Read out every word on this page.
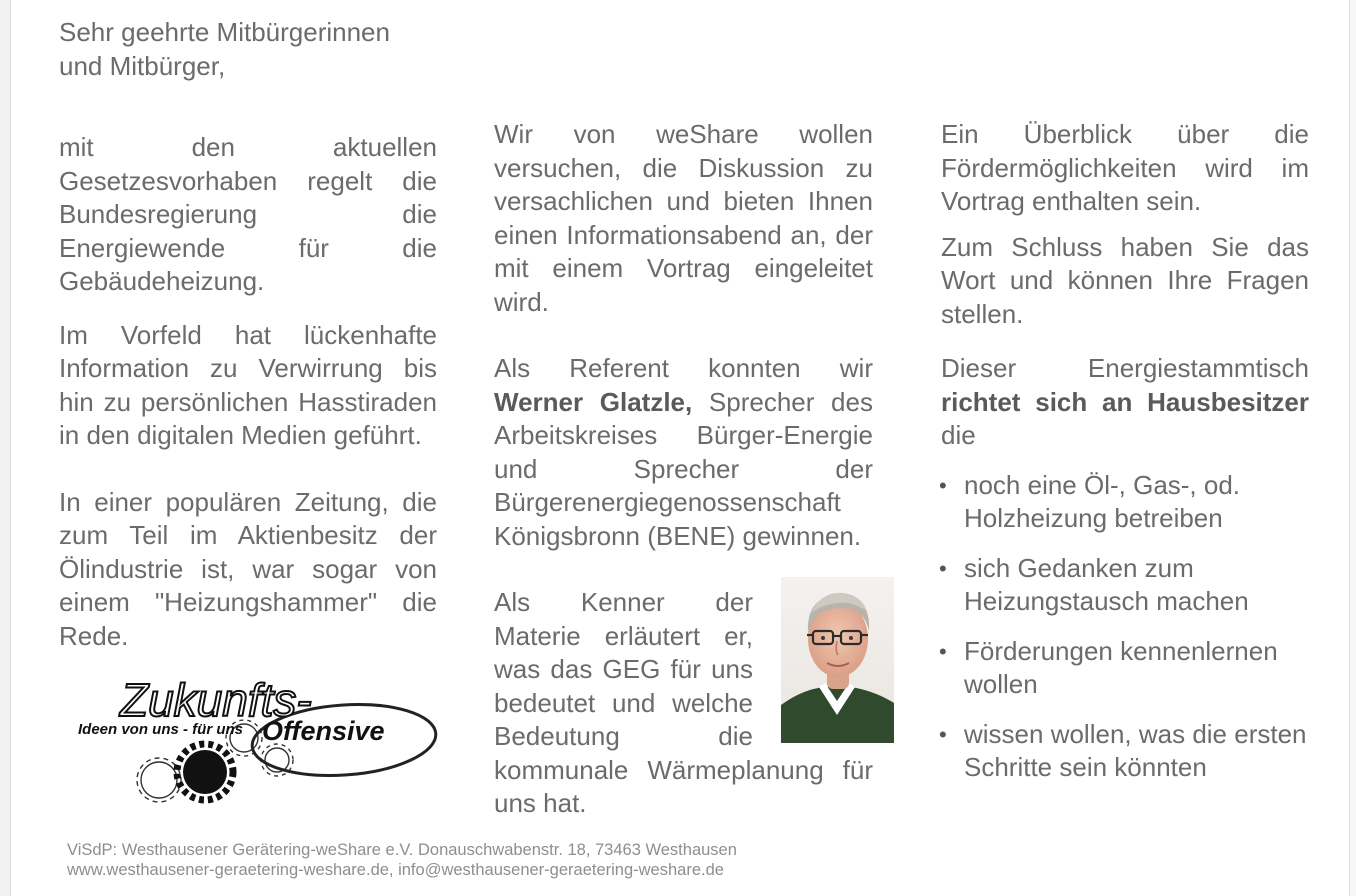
Sehr geehrte Mitbürgerinnen und Mitbürger,

mit den aktuellen Gesetzesvorhaben regelt die Bundesregierung die Energiewende für die Gebäudeheizung.

Im Vorfeld hat lückenhafte Information zu Verwirrung bis hin zu persönlichen Hasstiraden in den digitalen Medien geführt.

In einer populären Zeitung, die zum Teil im Aktienbesitz der Ölindustrie ist, war sogar von einem "Heizungshammer" die Rede.

Zukunfts-
Ideen von uns - für uns Offensive

Wir von weShare wollen versuchen, die Diskussion zu versachlichen und bieten Ihnen einen Informationsabend an, der mit einem Vortrag eingeleitet wird.

Als Referent konnten wir Werner Glatzle, Sprecher des Arbeitskreises Bürger-Energie und Sprecher der Bürgerenergiegenossenschaft Königsbronn (BENE) gewinnen.

Als Kenner der Materie erläutert er, was das GEG für uns bedeutet und welche Bedeutung die kommunale Wärmeplanung für uns hat.

Ein Überblick über die Fördermöglichkeiten wird im Vortrag enthalten sein.

Zum Schluss haben Sie das Wort und können Ihre Fragen stellen.

Dieser Energiestammtisch richtet sich an Hausbesitzer die

• noch eine Öl-, Gas-, od. Holzheizung betreiben
• sich Gedanken zum Heizungstausch machen
• Förderungen kennenlernen wollen
• wissen wollen, was die ersten Schritte sein könnten
ViSdP: Westhausener Gerätering-weShare e.V. Donauschwabenstr. 18, 73463 Westhausen
www.westhausener-geraetering-weshare.de, info@westhausener-geraetering-weshare.de
